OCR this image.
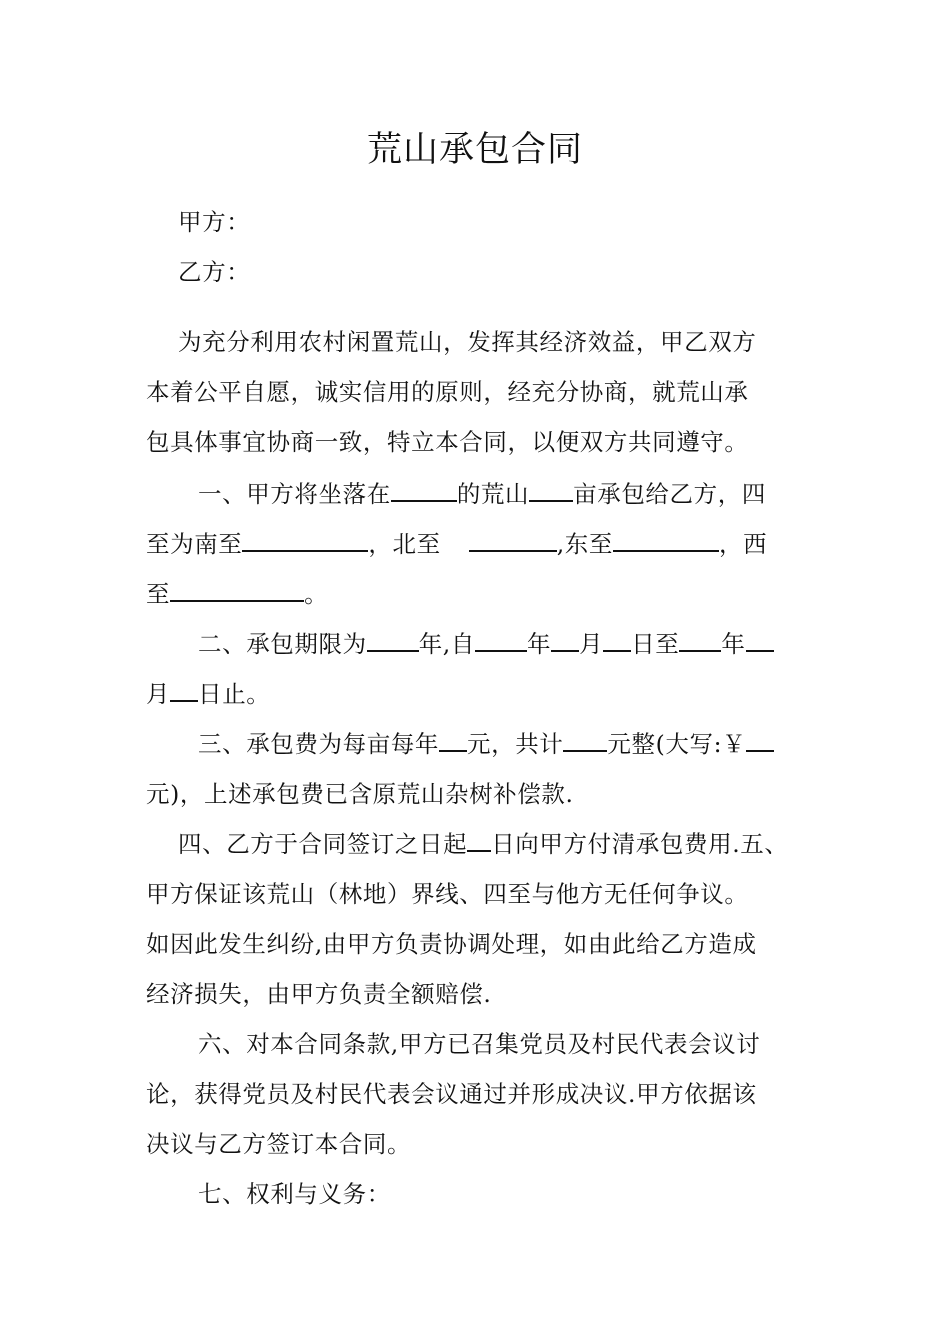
荒山承包合同
甲方：
乙方：
为充分利用农村闲置荒山，发挥其经济效益，甲乙双方
本着公平自愿，诚实信用的原则，经充分协商，就荒山承
包具体事宜协商一致，特立本合同，以便双方共同遵守。
一、甲方将坐落在	的荒山 亩承包给乙方，四
至为南至	，北至	,东至	，西
至	。
二、承包期限为 年,自 年 月 日至 年
月 日止。
三、承包费为每亩每年 元，共计 元整(大写:￥
元)，上述承包费已含原荒山杂树补偿款.
四、乙方于合同签订之日起 日向甲方付清承包费用.五、
甲方保证该荒山（林地）界线、四至与他方无任何争议。
如因此发生纠纷,由甲方负责协调处理，如由此给乙方造成
经济损失，由甲方负责全额赔偿.
六、对本合同条款,甲方已召集党员及村民代表会议讨
论，获得党员及村民代表会议通过并形成决议.甲方依据该
决议与乙方签订本合同。
七、权利与义务：
